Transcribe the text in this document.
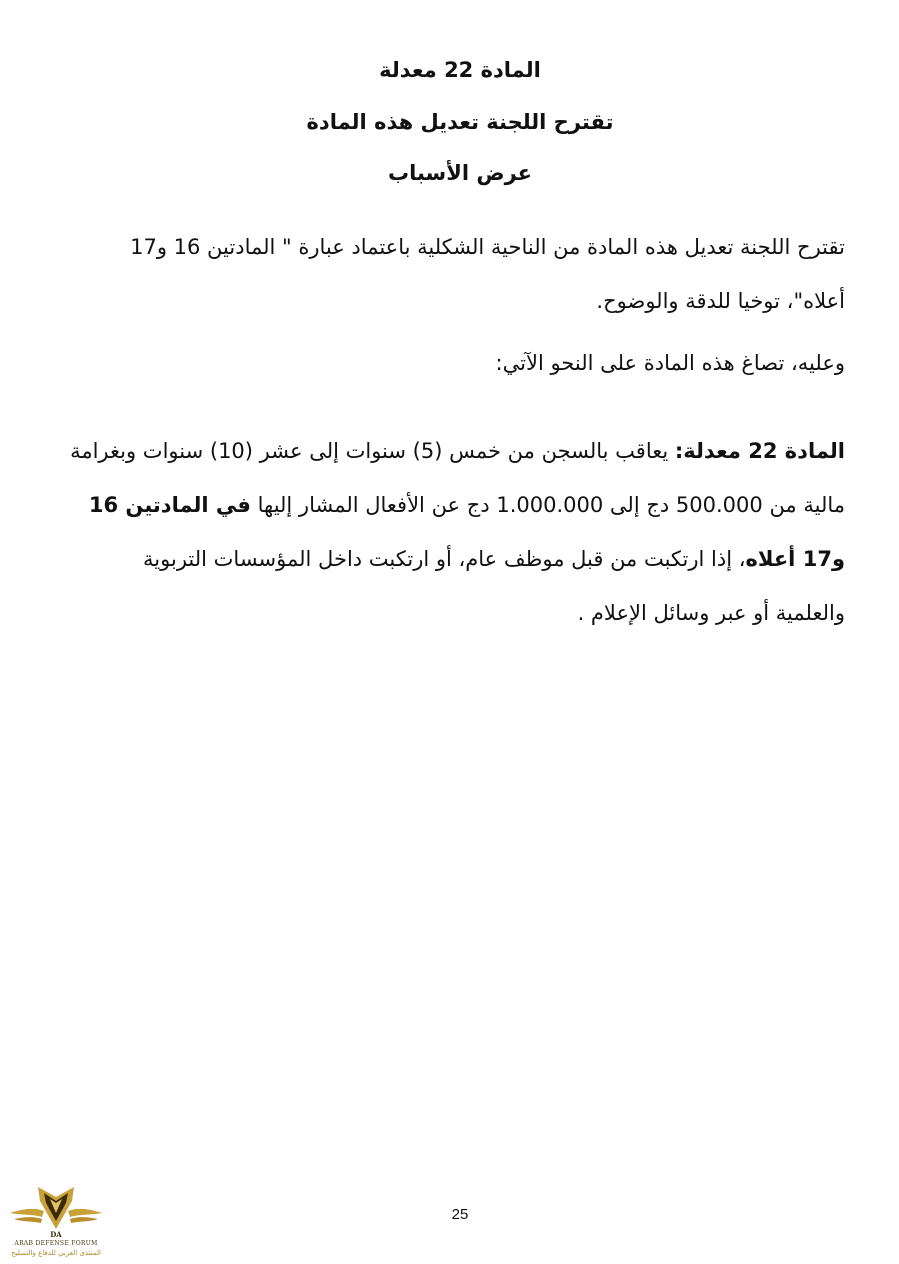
المادة 22 معدلة
تقترح اللجنة تعديل هذه المادة
عرض الأسباب
تقترح اللجنة تعديل هذه المادة من الناحية الشكلية باعتماد عبارة " المادتين 16 و17
أعلاه"، توخيا للدقة والوضوح.
وعليه، تصاغ هذه المادة على النحو الآتي:
المادة 22 معدلة: يعاقب بالسجن من خمس (5) سنوات إلى عشر (10) سنوات وبغرامة
مالية من 500.000 دج إلى 1.000.000 دج عن الأفعال المشار إليها في المادتين 16
و17 أعلاه، إذا ارتكبت من قبل موظف عام، أو ارتكبت داخل المؤسسات التربوية
والعلمية أو عبر وسائل الإعلام .
25
DA
ARAB DEFENSE FORUM
المنتدى العربي للدفاع والتسليح
